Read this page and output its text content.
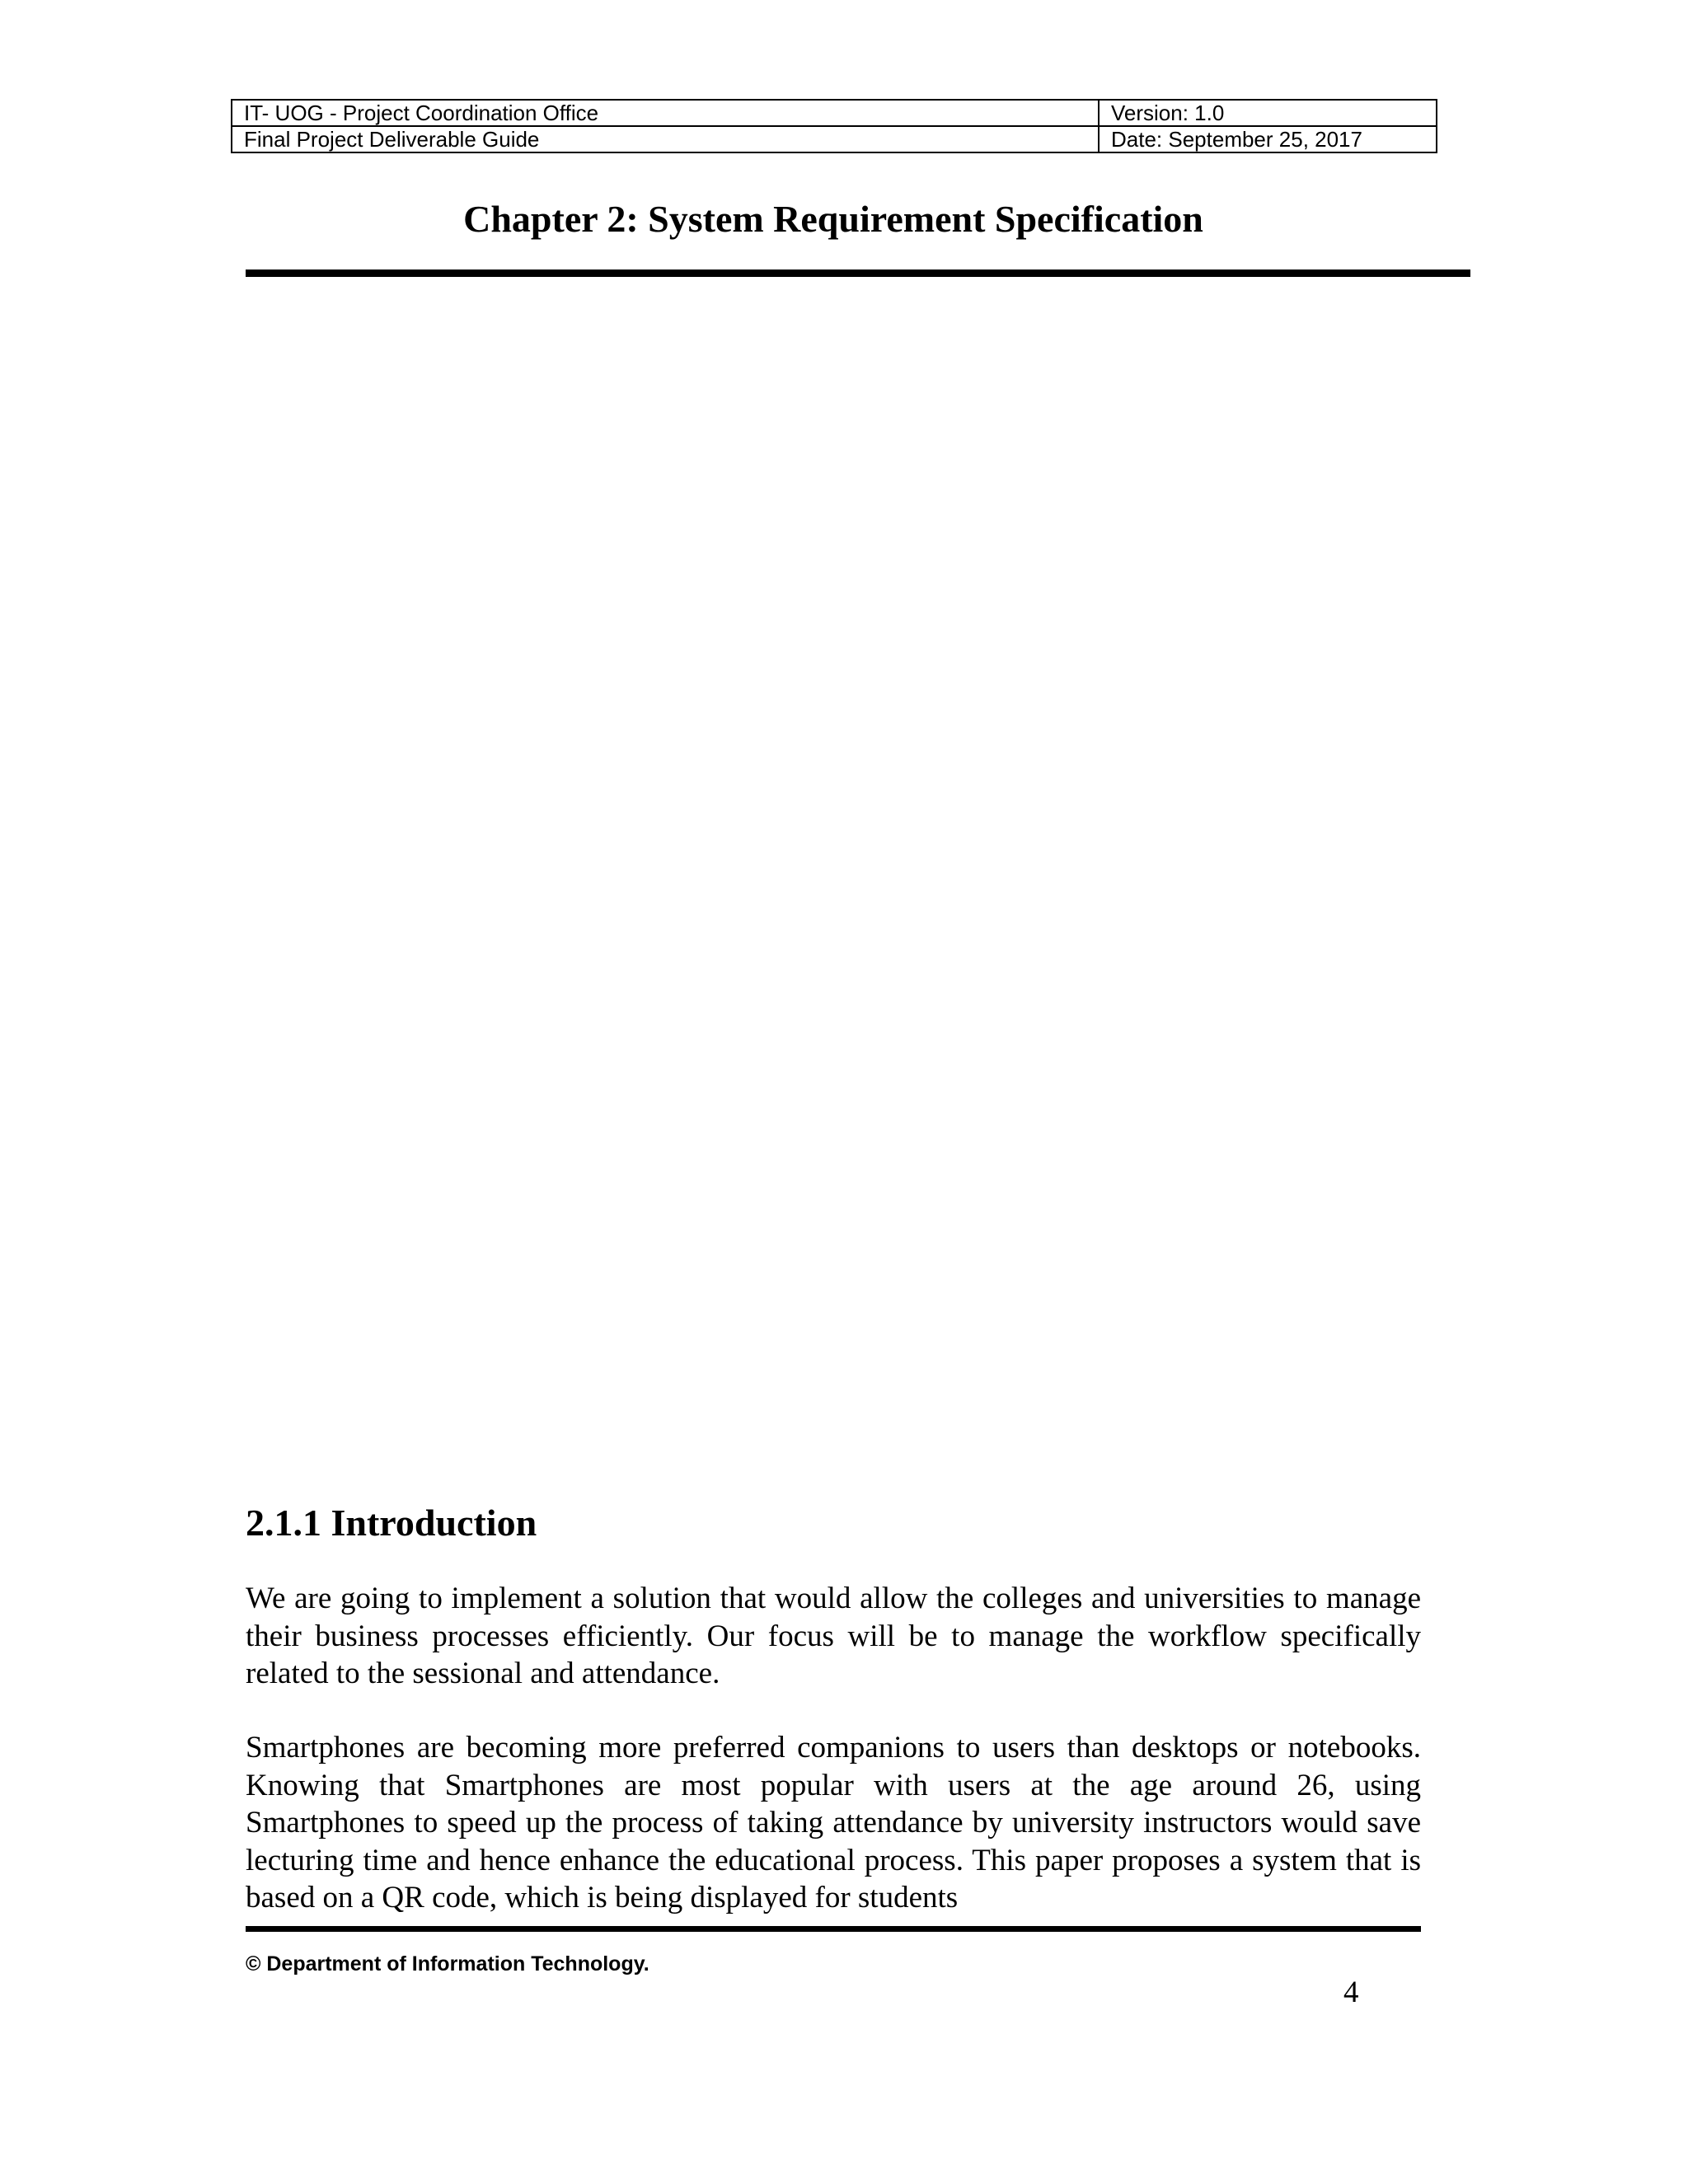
IT- UOG - Project Coordination Office	Version: 1.0
Final Project Deliverable Guide	Date: September 25, 2017
Chapter 2: System Requirement Specification
2.1.1 Introduction

We are going to implement a solution that would allow the colleges and universities to manage their business processes efficiently. Our focus will be to manage the workflow specifically related to the sessional and attendance.

Smartphones are becoming more preferred companions to users than desktops or notebooks. Knowing that Smartphones are most popular with users at the age around 26, using Smartphones to speed up the process of taking attendance by university instructors would save lecturing time and hence enhance the educational process. This paper proposes a system that is based on a QR code, which is being displayed for students

© Department of Information Technology.
4
